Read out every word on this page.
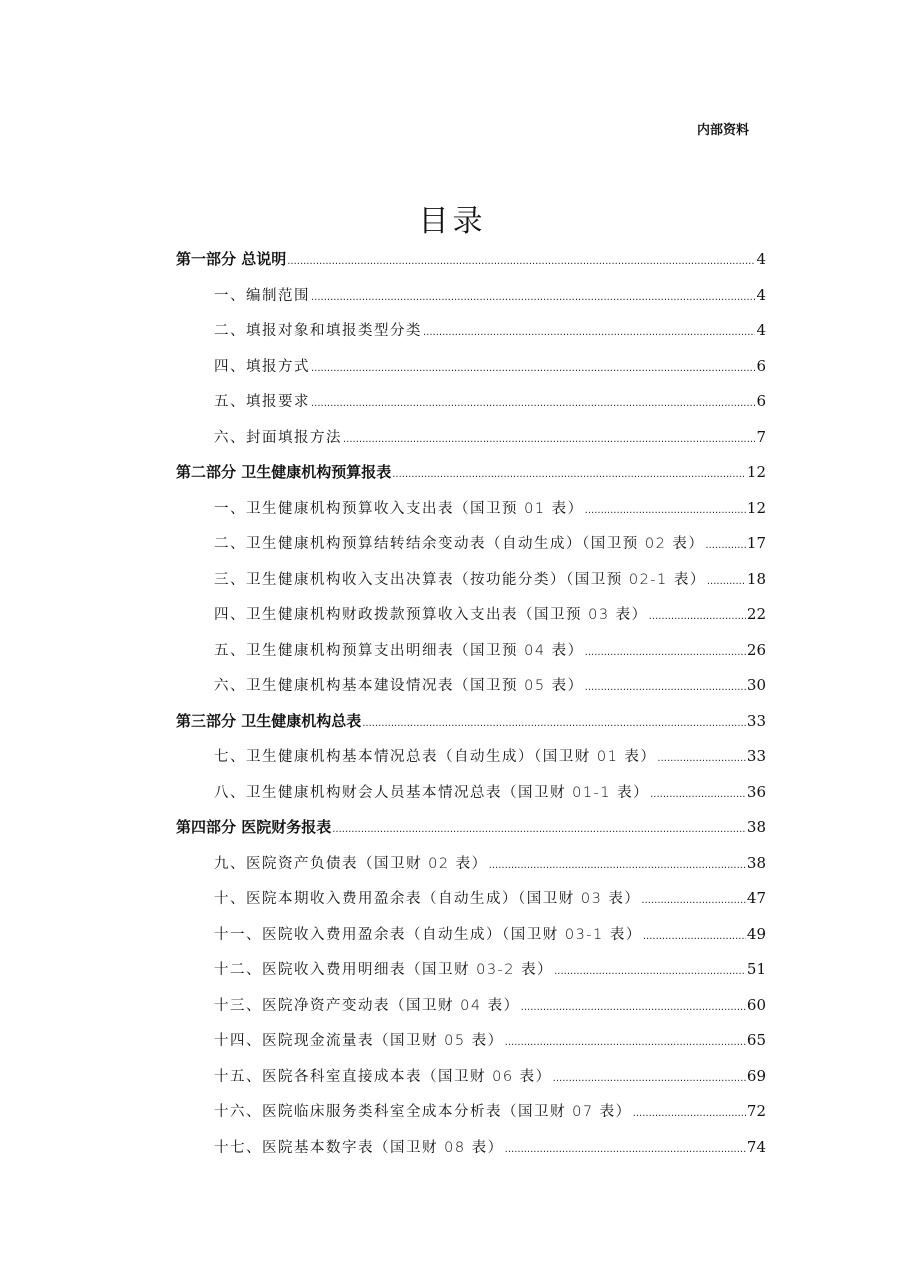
内部资料
目录
第一部分 总说明 .....	4
一、编制范围 .....	4
二、填报对象和填报类型分类 .....	4
四、填报方式 .....	6
五、填报要求 .....	6
六、封面填报方法 .....	7
第二部分 卫生健康机构预算报表 .....	12
一、卫生健康机构预算收入支出表（国卫预 01 表） .....	12
二、卫生健康机构预算结转结余变动表（自动生成）（国卫预 02 表） .....	17
三、卫生健康机构收入支出决算表（按功能分类）（国卫预 02-1 表） .....	18
四、卫生健康机构财政拨款预算收入支出表（国卫预 03 表） .....	22
五、卫生健康机构预算支出明细表（国卫预 04 表） .....	26
六、卫生健康机构基本建设情况表（国卫预 05 表） .....	30
第三部分 卫生健康机构总表 .....	33
七、卫生健康机构基本情况总表（自动生成）（国卫财 01 表） .....	33
八、卫生健康机构财会人员基本情况总表（国卫财 01-1 表） .....	36
第四部分 医院财务报表 .....	38
九、医院资产负债表（国卫财 02 表） .....	38
十、医院本期收入费用盈余表（自动生成）（国卫财 03 表） .....	47
十一、医院收入费用盈余表（自动生成）（国卫财 03-1 表） .....	49
十二、医院收入费用明细表（国卫财 03-2 表） .....	51
十三、医院净资产变动表（国卫财 04 表） .....	60
十四、医院现金流量表（国卫财 05 表） .....	65
十五、医院各科室直接成本表（国卫财 06 表） .....	69
十六、医院临床服务类科室全成本分析表（国卫财 07 表） .....	72
十七、医院基本数字表（国卫财 08 表） .....	74
